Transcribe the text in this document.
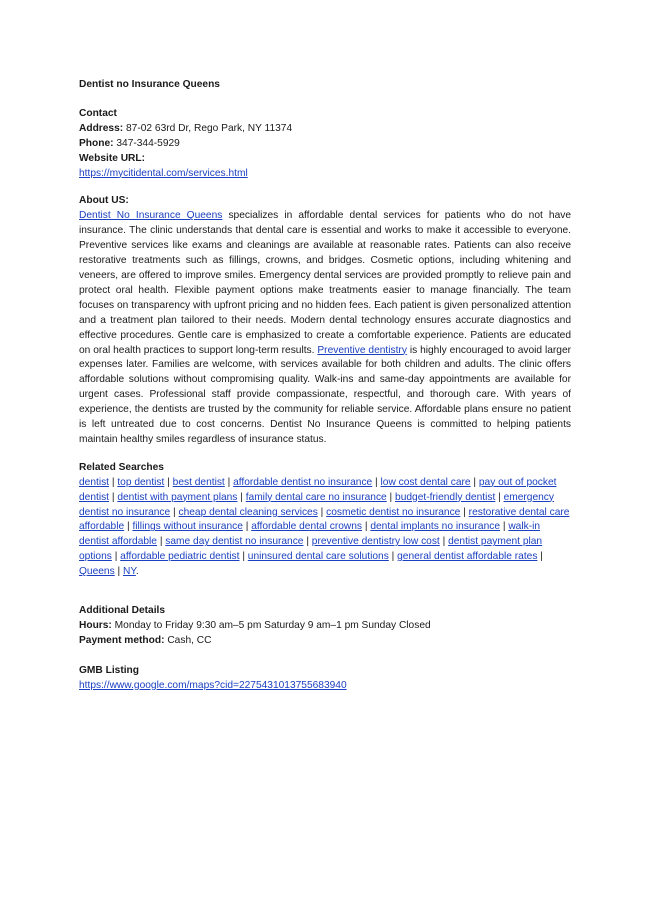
Dentist no Insurance Queens

Contact

Address: 87-02 63rd Dr, Rego Park, NY 11374

Phone: 347-344-5929

Website URL:

https://mycitidental.com/services.html

About US:

Dentist No Insurance Queens specializes in affordable dental services for patients who do not have insurance. The clinic understands that dental care is essential and works to make it accessible to everyone. Preventive services like exams and cleanings are available at reasonable rates. Patients can also receive restorative treatments such as fillings, crowns, and bridges. Cosmetic options, including whitening and veneers, are offered to improve smiles. Emergency dental services are provided promptly to relieve pain and protect oral health. Flexible payment options make treatments easier to manage financially. The team focuses on transparency with upfront pricing and no hidden fees. Each patient is given personalized attention and a treatment plan tailored to their needs. Modern dental technology ensures accurate diagnostics and effective procedures. Gentle care is emphasized to create a comfortable experience. Patients are educated on oral health practices to support long-term results. Preventive dentistry is highly encouraged to avoid larger expenses later. Families are welcome, with services available for both children and adults. The clinic offers affordable solutions without compromising quality. Walk-ins and same-day appointments are available for urgent cases. Professional staff provide compassionate, respectful, and thorough care. With years of experience, the dentists are trusted by the community for reliable service. Affordable plans ensure no patient is left untreated due to cost concerns. Dentist No Insurance Queens is committed to helping patients maintain healthy smiles regardless of insurance status.

Related Searches

dentist | top dentist | best dentist | affordable dentist no insurance | low cost dental care | pay out of pocket dentist | dentist with payment plans | family dental care no insurance | budget-friendly dentist | emergency dentist no insurance | cheap dental cleaning services | cosmetic dentist no insurance | restorative dental care affordable | fillings without insurance | affordable dental crowns | dental implants no insurance | walk-in dentist affordable | same day dentist no insurance | preventive dentistry low cost | dentist payment plan options | affordable pediatric dentist | uninsured dental care solutions | general dentist affordable rates | Queens | NY.

Additional Details

Hours: Monday to Friday 9:30 am–5 pm Saturday 9 am–1 pm Sunday Closed

Payment method: Cash, CC

GMB Listing

https://www.google.com/maps?cid=2275431013755683940
